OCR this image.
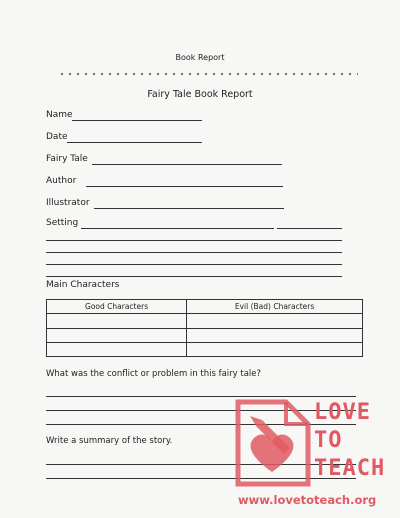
Book Report
Fairy Tale Book Report
Name
Date
Fairy Tale
Author
Illustrator
Setting
Main Characters
Good Characters	Evil (Bad) Characters

What was the conflict or problem in this fairy tale?
Write a summary of the story.
LOVE
TO
TEACH
www.lovetoteach.org
